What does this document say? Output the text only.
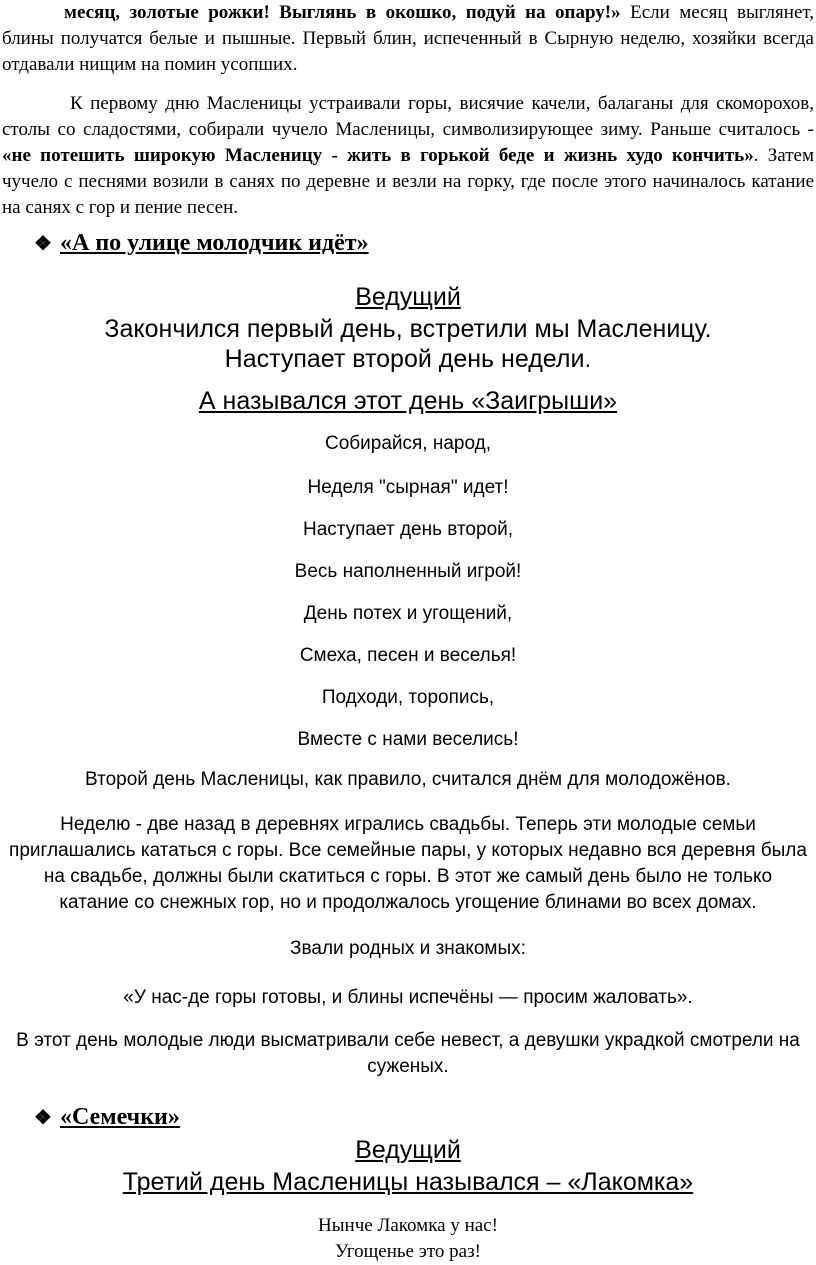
месяц, золотые рожки! Выглянь в окошко, подуй на опару!» Если месяц выглянет, блины получатся белые и пышные. Первый блин, испеченный в Сырную неделю, хозяйки всегда отдавали нищим на помин усопших.

К первому дню Масленицы устраивали горы, висячие качели, балаганы для скоморохов, столы со сладостями, собирали чучело Масленицы, символизирующее зиму. Раньше считалось - «не потешить широкую Масленицу - жить в горькой беде и жизнь худо кончить». Затем чучело с песнями возили в санях по деревне и везли на горку, где после этого начиналось катание на санях с гор и пение песен.

❖ «А по улице молодчик идёт»
Ведущий
Закончился первый день, встретили мы Масленицу. Наступает второй день недели.
А назывался этот день «Заигрыши»
Собирайся, народ,
Неделя "сырная" идет!
Наступает день второй,
Весь наполненный игрой!
День потех и угощений,
Смеха, песен и веселья!
Подходи, торопись,
Вместе с нами веселись!
Второй день Масленицы, как правило, считался днём для молодожёнов.

Неделю - две назад в деревнях игрались свадьбы. Теперь эти молодые семьи приглашались кататься с горы. Все семейные пары, у которых недавно вся деревня была на свадьбе, должны были скатиться с горы. В этот же самый день было не только катание со снежных гор, но и продолжалось угощение блинами во всех домах.

Звали родных и знакомых:
«У нас-де горы готовы, и блины испечёны — просим жаловать».

В этот день молодые люди высматривали себе невест, а девушки украдкой смотрели на суженых.

❖ «Семечки»
Ведущий
Третий день Масленицы назывался – «Лакомка»
Нынче Лакомка у нас!
Угощенье это раз!
